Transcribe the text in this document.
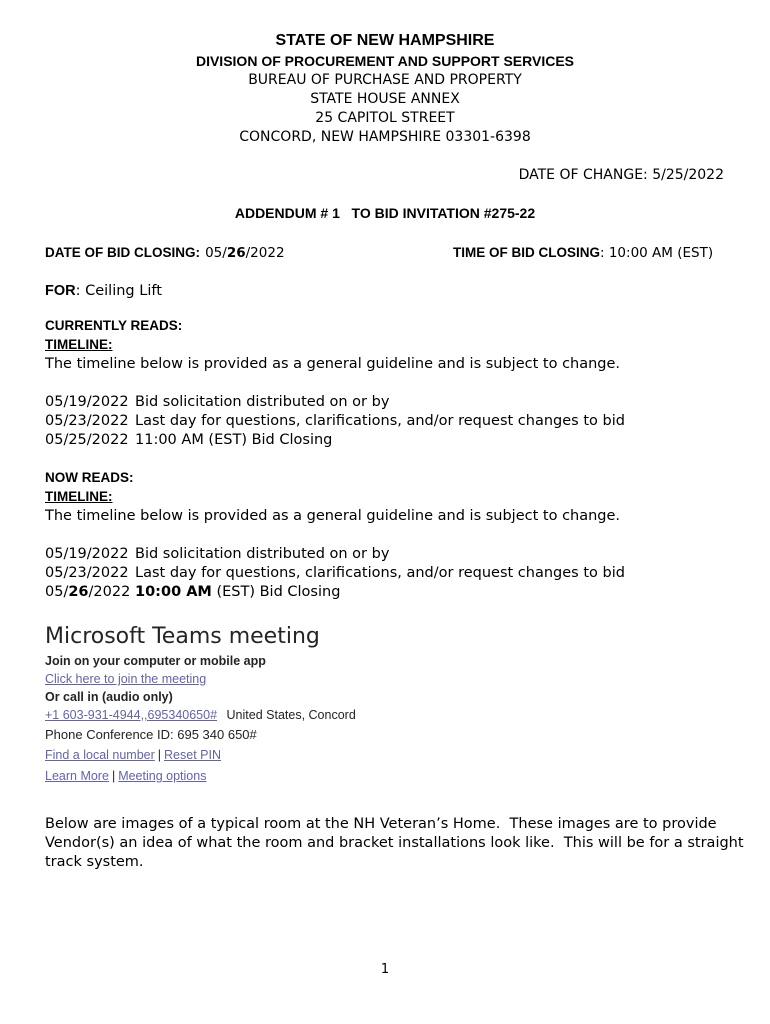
STATE OF NEW HAMPSHIRE
DIVISION OF PROCUREMENT AND SUPPORT SERVICES
BUREAU OF PURCHASE AND PROPERTY
STATE HOUSE ANNEX
25 CAPITOL STREET
CONCORD, NEW HAMPSHIRE 03301-6398
DATE OF CHANGE: 5/25/2022
ADDENDUM # 1   TO BID INVITATION #275-22
DATE OF BID CLOSING: 05/26/2022	TIME OF BID CLOSING: 10:00 AM (EST)
FOR: Ceiling Lift
CURRENTLY READS:
TIMELINE:
The timeline below is provided as a general guideline and is subject to change.
05/19/2022 Bid solicitation distributed on or by
05/23/2022 Last day for questions, clarifications, and/or request changes to bid
05/25/2022 11:00 AM (EST) Bid Closing
NOW READS:
TIMELINE:
The timeline below is provided as a general guideline and is subject to change.
05/19/2022 Bid solicitation distributed on or by
05/23/2022 Last day for questions, clarifications, and/or request changes to bid
05/26/2022 10:00 AM (EST) Bid Closing
Microsoft Teams meeting
Join on your computer or mobile app
Click here to join the meeting
Or call in (audio only)
+1 603-931-4944,,695340650# United States, Concord
Phone Conference ID: 695 340 650#
Find a local number | Reset PIN
Learn More | Meeting options
Below are images of a typical room at the NH Veteran’s Home.  These images are to provide
Vendor(s) an idea of what the room and bracket installations look like.  This will be for a straight
track system.
1
